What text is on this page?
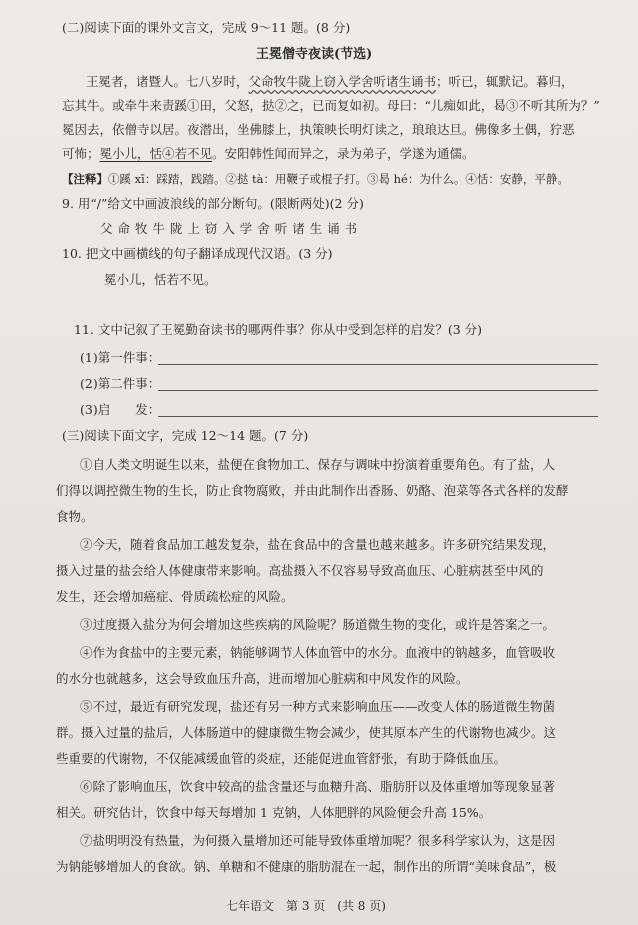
(二)阅读下面的课外文言文，完成 9～11 题。(8 分)
王冕僧寺夜读(节选)
王冕者，诸暨人。七八岁时，父命牧牛陇上窃入学舍听诸生诵书；听已，辄默记。暮归，
忘其牛。或牵牛来责蹊①田，父怒，挞②之，已而复如初。母曰：“儿痴如此，曷③不听其所为？”
冕因去，依僧寺以居。夜潜出，坐佛膝上，执策映长明灯读之，琅琅达旦。佛像多土偶，狞恶
可怖；冕小儿，恬④若不见。安阳韩性闻而异之，录为弟子，学遂为通儒。
【注释】①蹊 xī：踩踏，践踏。②挞 tà：用鞭子或棍子打。③曷 hé：为什么。④恬：安静，平静。
9. 用“/”给文中画波浪线的部分断句。(限断两处)(2 分)
父 命 牧 牛 陇 上 窃 入 学 舍 听 诸 生 诵 书
10. 把文中画横线的句子翻译成现代汉语。(3 分)
冕小儿，恬若不见。
11. 文中记叙了王冕勤奋读书的哪两件事？你从中受到怎样的启发？(3 分)
(1)第一件事：
(2)第二件事：
(3)启　　发：
(三)阅读下面文字，完成 12～14 题。(7 分)
①自人类文明诞生以来，盐便在食物加工、保存与调味中扮演着重要角色。有了盐，人
们得以调控微生物的生长，防止食物腐败，并由此制作出香肠、奶酪、泡菜等各式各样的发酵
食物。
②今天，随着食品加工越发复杂，盐在食品中的含量也越来越多。许多研究结果发现，
摄入过量的盐会给人体健康带来影响。高盐摄入不仅容易导致高血压、心脏病甚至中风的
发生，还会增加癌症、骨质疏松症的风险。
③过度摄入盐分为何会增加这些疾病的风险呢？肠道微生物的变化，或许是答案之一。
④作为食盐中的主要元素，钠能够调节人体血管中的水分。血液中的钠越多，血管吸收
的水分也就越多，这会导致血压升高，进而增加心脏病和中风发作的风险。
⑤不过，最近有研究发现，盐还有另一种方式来影响血压——改变人体的肠道微生物菌
群。摄入过量的盐后，人体肠道中的健康微生物会减少，使其原本产生的代谢物也减少。这
些重要的代谢物，不仅能减缓血管的炎症，还能促进血管舒张，有助于降低血压。
⑥除了影响血压，饮食中较高的盐含量还与血糖升高、脂肪肝以及体重增加等现象显著
相关。研究估计，饮食中每天每增加 1 克钠，人体肥胖的风险便会升高 15%。
⑦盐明明没有热量，为何摄入量增加还可能导致体重增加呢？很多科学家认为，这是因
为钠能够增加人的食欲。钠、单糖和不健康的脂肪混在一起，制作出的所谓“美味食品”，极
七年语文　第 3 页　(共 8 页)
